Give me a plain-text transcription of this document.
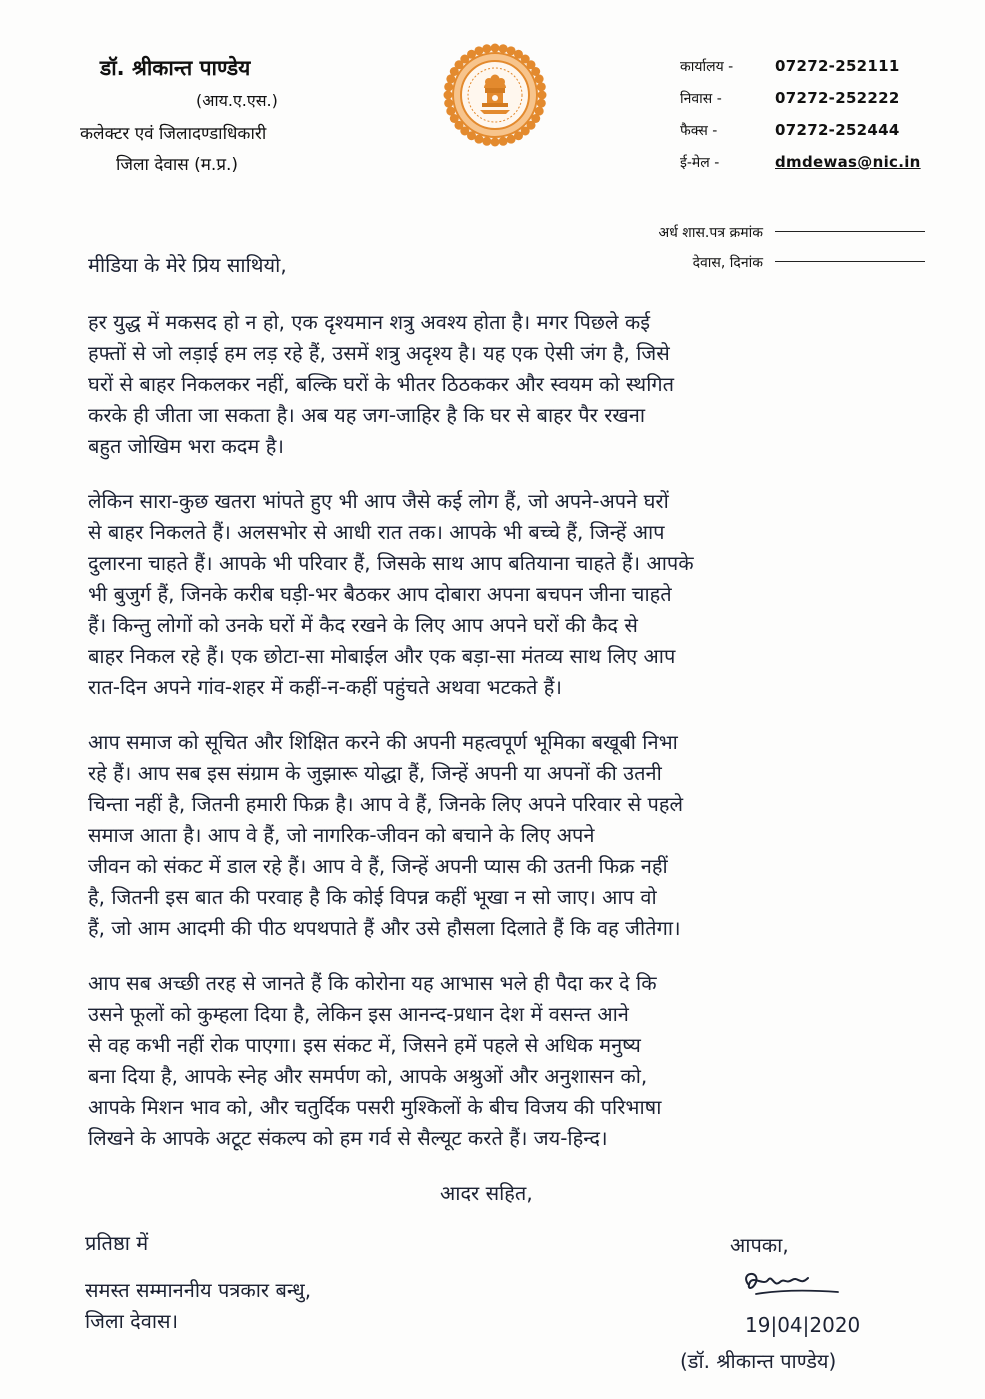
डॉ. श्रीकान्त पाण्डेय
(आय.ए.एस.)
कलेक्टर एवं जिलादण्डाधिकारी
जिला देवास (म.प्र.)
कार्यालय -	07272-252111
निवास -	07272-252222
फैक्स -	07272-252444
ई-मेल -	dmdewas@nic.in
अर्ध शास.पत्र क्रमांक
देवास, दिनांक
मीडिया के मेरे प्रिय साथियो,
हर युद्ध में मकसद हो न हो, एक दृश्यमान शत्रु अवश्य होता है। मगर पिछले कई
हफ्तों से जो लड़ाई हम लड़ रहे हैं, उसमें शत्रु अदृश्य है। यह एक ऐसी जंग है, जिसे
घरों से बाहर निकलकर नहीं, बल्कि घरों के भीतर ठिठककर और स्वयम को स्थगित
करके ही जीता जा सकता है। अब यह जग-जाहिर है कि घर से बाहर पैर रखना
बहुत जोखिम भरा कदम है।
लेकिन सारा-कुछ खतरा भांपते हुए भी आप जैसे कई लोग हैं, जो अपने-अपने घरों
से बाहर निकलते हैं। अलसभोर से आधी रात तक। आपके भी बच्चे हैं, जिन्हें आप
दुलारना चाहते हैं। आपके भी परिवार हैं, जिसके साथ आप बतियाना चाहते हैं। आपके
भी बुजुर्ग हैं, जिनके करीब घड़ी-भर बैठकर आप दोबारा अपना बचपन जीना चाहते
हैं। किन्तु लोगों को उनके घरों में कैद रखने के लिए आप अपने घरों की कैद से
बाहर निकल रहे हैं। एक छोटा-सा मोबाईल और एक बड़ा-सा मंतव्य साथ लिए आप
रात-दिन अपने गांव-शहर में कहीं-न-कहीं पहुंचते अथवा भटकते हैं।
आप समाज को सूचित और शिक्षित करने की अपनी महत्वपूर्ण भूमिका बखूबी निभा
रहे हैं। आप सब इस संग्राम के जुझारू योद्धा हैं, जिन्हें अपनी या अपनों की उतनी
चिन्ता नहीं है, जितनी हमारी फिक्र है। आप वे हैं, जिनके लिए अपने परिवार से पहले
समाज आता है। आप वे हैं, जो नागरिक-जीवन को बचाने के लिए अपने
जीवन को संकट में डाल रहे हैं। आप वे हैं, जिन्हें अपनी प्यास की उतनी फिक्र नहीं
है, जितनी इस बात की परवाह है कि कोई विपन्न कहीं भूखा न सो जाए। आप वो
हैं, जो आम आदमी की पीठ थपथपाते हैं और उसे हौसला दिलाते हैं कि वह जीतेगा।
आप सब अच्छी तरह से जानते हैं कि कोरोना यह आभास भले ही पैदा कर दे कि
उसने फूलों को कुम्हला दिया है, लेकिन इस आनन्द-प्रधान देश में वसन्त आने
से वह कभी नहीं रोक पाएगा। इस संकट में, जिसने हमें पहले से अधिक मनुष्य
बना दिया है, आपके स्नेह और समर्पण को, आपके अश्रुओं और अनुशासन को,
आपके मिशन भाव को, और चतुर्दिक पसरी मुश्किलों के बीच विजय की परिभाषा
लिखने के आपके अटूट संकल्प को हम गर्व से सैल्यूट करते हैं। जय-हिन्द।
आदर सहित,
प्रतिष्ठा में
समस्त सम्माननीय पत्रकार बन्धु,
जिला देवास।
आपका,
19|04|2020
(डॉ. श्रीकान्त पाण्डेय)
